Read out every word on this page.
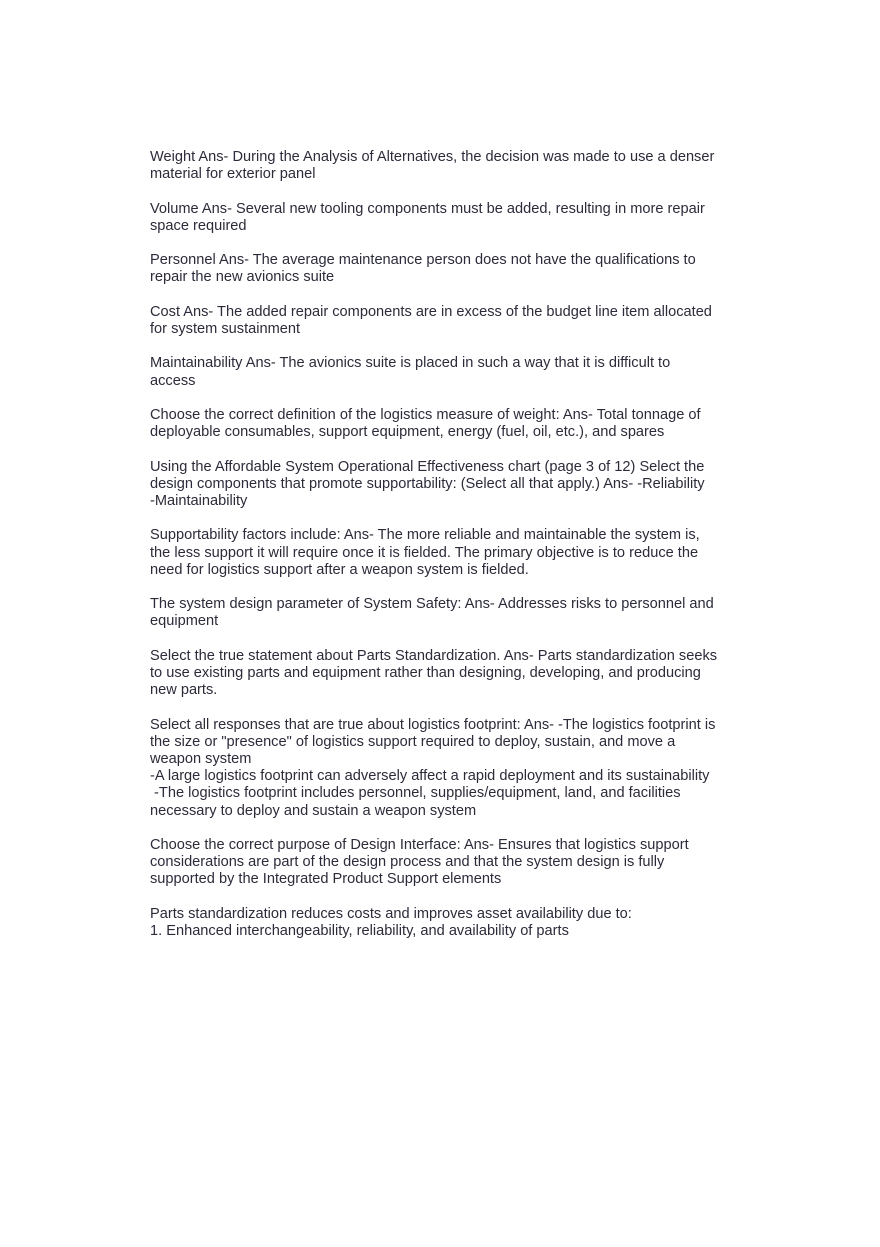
Weight Ans- During the Analysis of Alternatives, the decision was made to use a denser
material for exterior panel

Volume Ans- Several new tooling components must be added, resulting in more repair
space required

Personnel Ans- The average maintenance person does not have the qualifications to
repair the new avionics suite

Cost Ans- The added repair components are in excess of the budget line item allocated
for system sustainment

Maintainability Ans- The avionics suite is placed in such a way that it is difficult to
access

Choose the correct definition of the logistics measure of weight: Ans- Total tonnage of
deployable consumables, support equipment, energy (fuel, oil, etc.), and spares

Using the Affordable System Operational Effectiveness chart (page 3 of 12) Select the
design components that promote supportability: (Select all that apply.) Ans- -Reliability
-Maintainability

Supportability factors include: Ans- The more reliable and maintainable the system is,
the less support it will require once it is fielded. The primary objective is to reduce the
need for logistics support after a weapon system is fielded.

The system design parameter of System Safety: Ans- Addresses risks to personnel and
equipment

Select the true statement about Parts Standardization. Ans- Parts standardization seeks
to use existing parts and equipment rather than designing, developing, and producing
new parts.

Select all responses that are true about logistics footprint: Ans- -The logistics footprint is
the size or "presence" of logistics support required to deploy, sustain, and move a
weapon system
-A large logistics footprint can adversely affect a rapid deployment and its sustainability
-The logistics footprint includes personnel, supplies/equipment, land, and facilities
necessary to deploy and sustain a weapon system

Choose the correct purpose of Design Interface: Ans- Ensures that logistics support
considerations are part of the design process and that the system design is fully
supported by the Integrated Product Support elements

Parts standardization reduces costs and improves asset availability due to:
1. Enhanced interchangeability, reliability, and availability of parts
